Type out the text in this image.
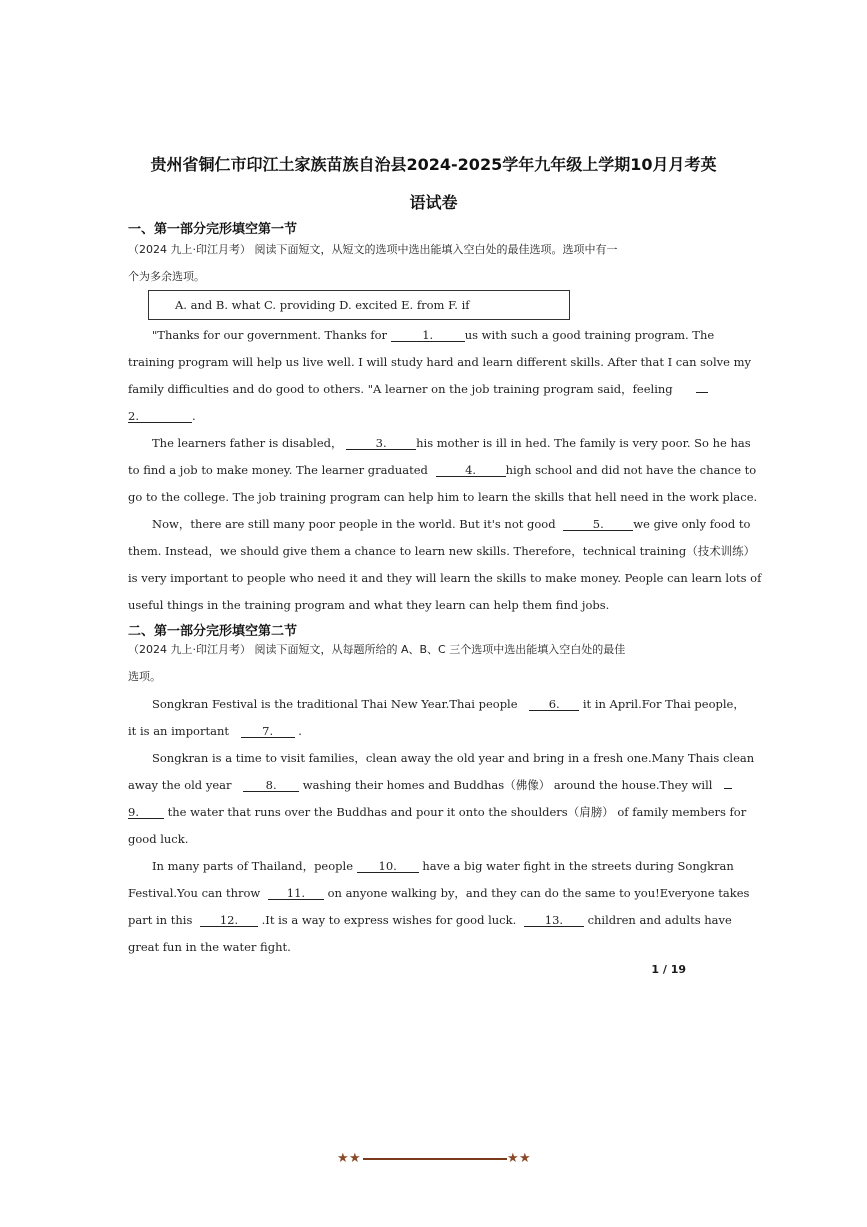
贵州省铜仁市印江土家族苗族自治县2024-2025学年九年级上学期10月月考英
语试卷
一、第一部分完形填空第一节
（2024 九上·印江月考） 阅读下面短文，从短文的选项中选出能填入空白处的最佳选项。选项中有一
个为多余选项。
A. and B. what C. providing D. excited E. from F. if
"Thanks for our government. Thanks for	1.	us with such a good training program. The
training program will help us live well. I will study hard and learn different skills. After that I can solve my
family difficulties and do good to others. "A learner on the job training program said，feeling
2.	.
The learners father is disabled，	3.	his mother is ill in hed. The family is very poor. So he has
to find a job to make money. The learner graduated	4.	high school and did not have the chance to
go to the college. The job training program can help him to learn the skills that hell need in the work place.
Now，there are still many poor people in the world. But it's not good	5.	we give only food to
them. Instead，we should give them a chance to learn new skills. Therefore，technical training（技术训练）
is very important to people who need it and they will learn the skills to make money. People can learn lots of
useful things in the training program and what they learn can help them find jobs.
二、第一部分完形填空第二节
（2024 九上·印江月考） 阅读下面短文，从每题所给的 A、B、C 三个选项中选出能填入空白处的最佳
选项。
Songkran Festival is the traditional Thai New Year.Thai people	6. it in April.For Thai people，
it is an important	7. .
Songkran is a time to visit families，clean away the old year and bring in a fresh one.Many Thais clean
away the old year	8. washing their homes and Buddhas（佛像） around the house.They will
9. the water that runs over the Buddhas and pour it onto the shoulders（肩膀） of family members for
good luck.
In many parts of Thailand，people 10. have a big water fight in the streets during Songkran
Festival.You can throw 11. on anyone walking by，and they can do the same to you!Everyone takes
part in this 12. .It is a way to express wishes for good luck. 13. children and adults have
great fun in the water fight.
1 / 19
★ ★	★ ★
